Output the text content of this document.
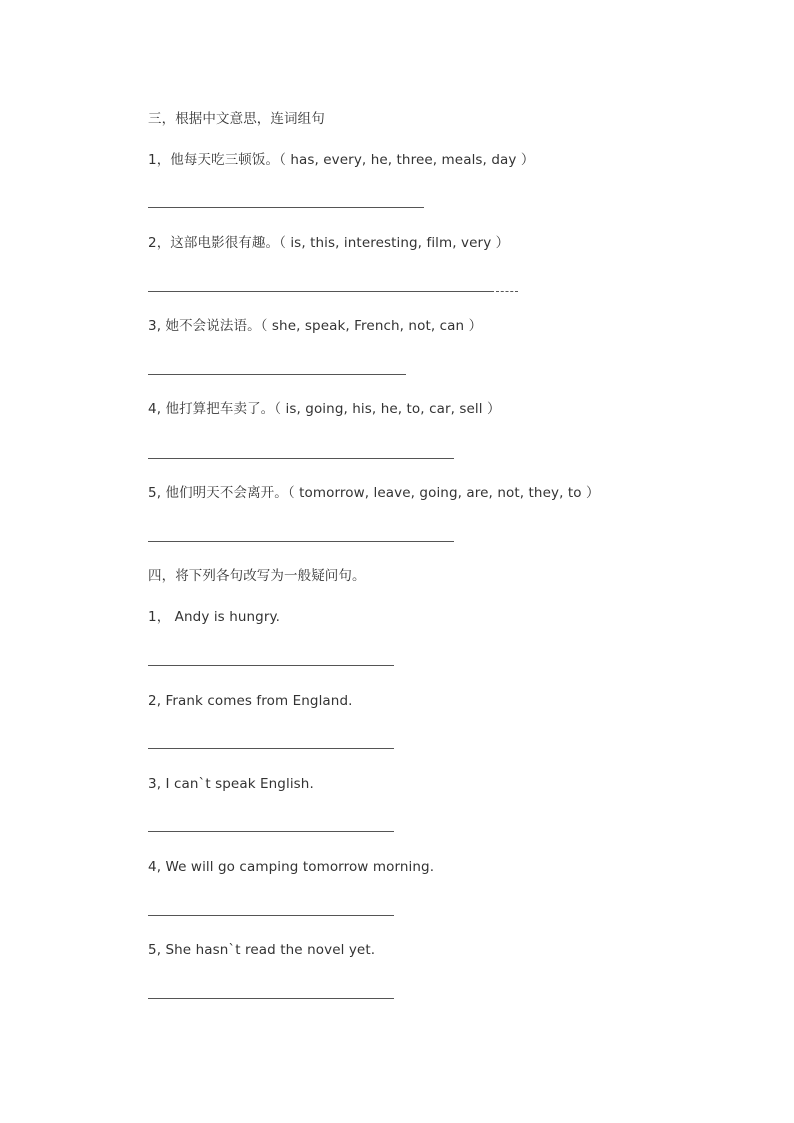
三，根据中文意思，连词组句
1，他每天吃三顿饭。（ has, every, he, three, meals, day ）
2，这部电影很有趣。（ is, this, interesting, film, very ）
3, 她不会说法语。（ she, speak, French, not, can ）
4, 他打算把车卖了。（ is, going, his, he, to, car, sell ）
5, 他们明天不会离开。（ tomorrow, leave, going, are, not, they, to ）
四，将下列各句改写为一般疑问句。
1， Andy is hungry.
2, Frank comes from England.
3, I can`t speak English.
4, We will go camping tomorrow morning.
5, She hasn`t read the novel yet.
